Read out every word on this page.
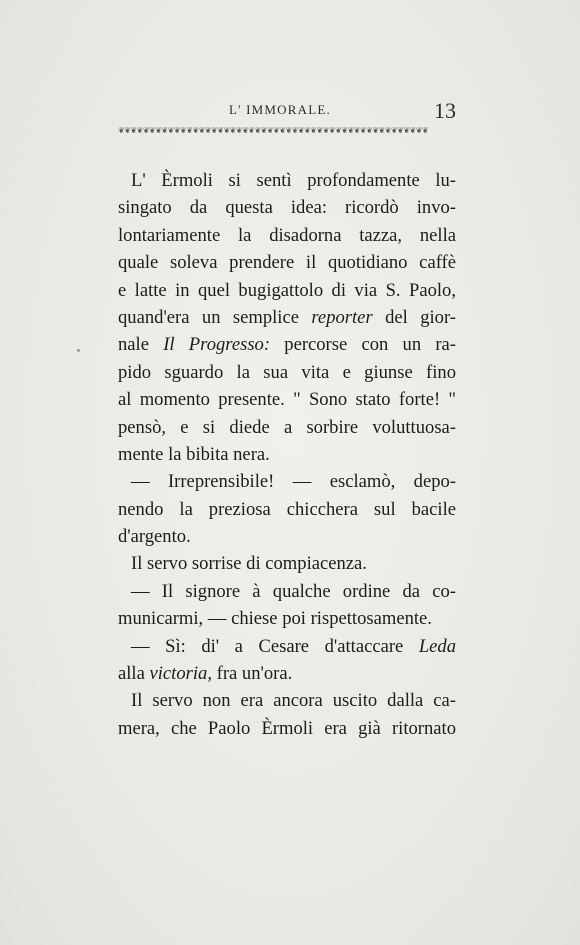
L' IMMORALE.	13
❦❦❦❦❦❦❦❦❦❦❦❦❦❦❦❦❦❦❦❦❦❦❦❦❦❦❦❦❦❦❦❦❦❦❦❦❦❦❦❦❦❦❦❦❦❦❦❦❦❦
L' Èrmoli si sentì profondamente lu-
singato da questa idea: ricordò invo-
lontariamente la disadorna tazza, nella
quale soleva prendere il quotidiano caffè
e latte in quel bugigattolo di via S. Paolo,
quand'era un semplice reporter del gior-
nale Il Progresso: percorse con un ra-
pido sguardo la sua vita e giunse fino
al momento presente. " Sono stato forte! "
pensò, e si diede a sorbire voluttuosa-
mente la bibita nera.
— Irreprensibile! — esclamò, depo-
nendo la preziosa chicchera sul bacile
d'argento.
Il servo sorrise di compiacenza.
— Il signore à qualche ordine da co-
municarmi, — chiese poi rispettosamente.
— Sì: di' a Cesare d'attaccare Leda
alla victoria, fra un'ora.
Il servo non era ancora uscito dalla ca-
mera, che Paolo Èrmoli era già ritornato
